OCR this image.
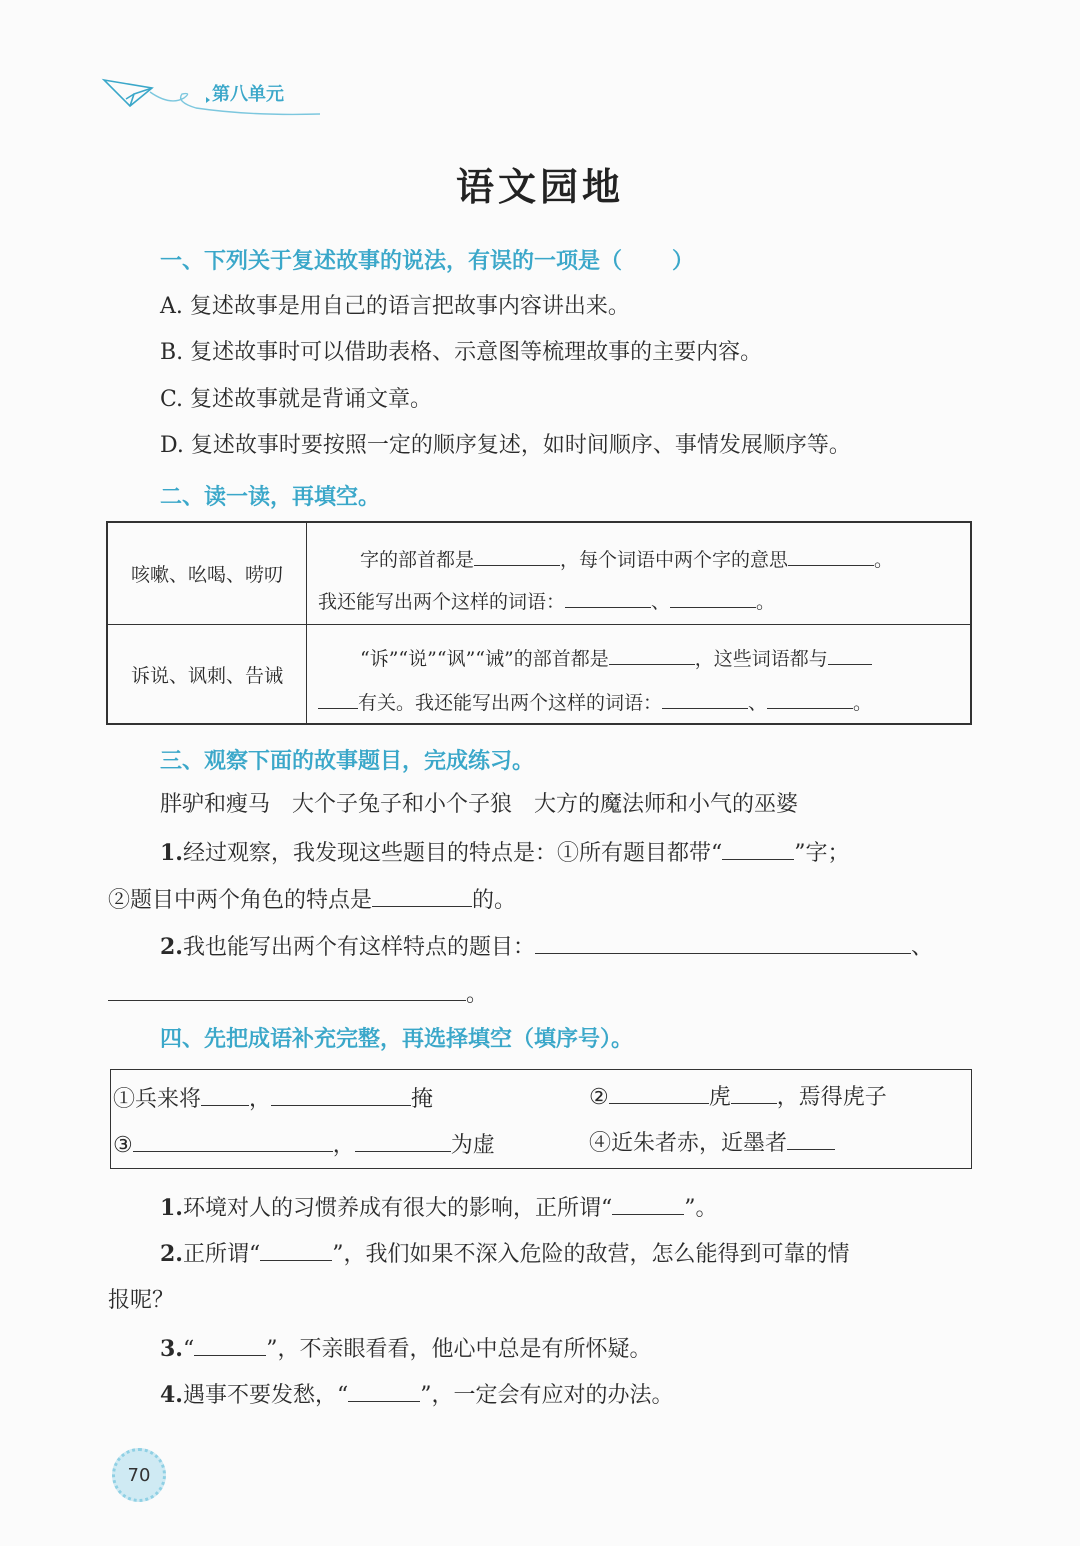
第八单元
语文园地
一、下列关于复述故事的说法，有误的一项是（ ）
A. 复述故事是用自己的语言把故事内容讲出来。
B. 复述故事时可以借助表格、示意图等梳理故事的主要内容。
C. 复述故事就是背诵文章。
D. 复述故事时要按照一定的顺序复述，如时间顺序、事情发展顺序等。
二、读一读，再填空。
咳嗽、吆喝、唠叨
字的部首都是	，每个词语中两个字的意思	。
我还能写出两个这样的词语：	、	。
诉说、讽刺、告诫
“诉”“说”“讽”“诫”的部首都是	，这些词语都与
有关。我还能写出两个这样的词语：	、	。
三、观察下面的故事题目，完成练习。
胖驴和瘦马　大个子兔子和小个子狼　大方的魔法师和小气的巫婆
1.经过观察，我发现这些题目的特点是：①所有题目都带“	”字；
②题目中两个角色的特点是	的。
2.我也能写出两个有这样特点的题目：	、
。
四、先把成语补充完整，再选择填空（填序号）。
①兵来将 ，	掩	②	虎 ，焉得虎子
③	，	为虚	④近朱者赤，近墨者
1.环境对人的习惯养成有很大的影响，正所谓“	”。
2.正所谓“	”，我们如果不深入危险的敌营，怎么能得到可靠的情
报呢？
3.“	”，不亲眼看看，他心中总是有所怀疑。
4.遇事不要发愁，“	”，一定会有应对的办法。
70
